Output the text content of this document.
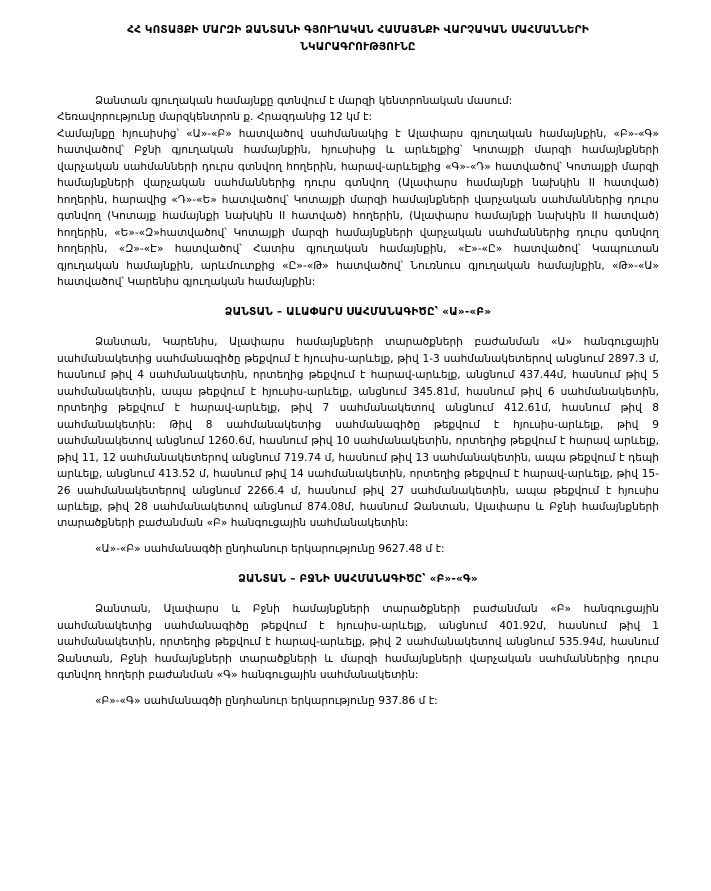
ՀՀ ԿՈՏԱՅՔԻ ՄԱՐԶԻ ՁԱՆՏԱՆԻ ԳՅՈՒՂԱԿԱՆ ՀԱՄԱՅՆՔԻ ՎԱՐՉԱԿԱՆ ՍԱՀՄԱՆՆԵՐԻ
ՆԿԱՐԱԳՐՈՒԹՅՈՒՆԸ

Ձանտան գյուղական համայնքը գտնվում է մարզի կենտրոնական մասում:

Հեռավորությունը մարզկենտրոն ք. Հրազդանից 12 կմ է:

Համայնքը հյուսիսից՝ «Ա»-«Բ» հատվածով սահմանակից է Ալափարս գյուղական համայնքին, «Բ»-«Գ» հատվածով՝ Բջնի գյուղական համայնքին, հյուսիսից և արևելքից՝ Կոտայքի մարզի համայնքների վարչական սահմանների դուրս գտնվող հողերին, հարավ-արևելքից «Գ»-«Դ» հատվածով՝ Կոտայքի մարզի համայնքների վարչական սահմաններից դուրս գտնվող (Ալափարս համայնքի նախկին II հատված) հողերին, հարավից «Դ»-«Ե» հատվածով՝ Կոտայքի մարզի համայնքների վարչական սահմաններից դուրս գտնվող (Կոտայք համայնքի նախկին II հատված) հողերին, (Ալափարս համայնքի նախկին II հատված) հողերին, «Ե»-«Զ»հատվածով՝ Կոտայքի մարզի համայնքների վարչական սահմաններից դուրս գտնվող հողերին, «Զ»-«Է» հատվածով՝ Հատիս գյուղական համայնքին, «Է»-«Ը» հատվածով՝ Կապուտան գյուղական համայնքին, արևմուտքից «Ը»-«Թ» հատվածով՝ Նուռնուս գյուղական համայնքին, «Թ»-«Ա» հատվածով՝ Կարենիս գյուղական համայնքին:

ՁԱՆՏԱՆ – ԱԼԱՓԱՐՍ ՍԱՀՄԱՆԱԳԻԾԸ՝ «Ա»-«Բ»

Ձանտան, Կարենիս, Ալափարս համայնքների տարածքների բաժանման «Ա» հանգուցային սահմանակետից սահմանագիծը թեքվում է հյուսիս-արևելք, թիվ 1-3 սահմանակետերով անցնում 2897.3 մ, հասնում թիվ 4 սահմանակետին, որտեղից թեքվում է հարավ-արևելք, անցնում 437.44մ, հասնում թիվ 5 սահմանակետին, ապա թեքվում է հյուսիս-արևելք, անցնում 345.81մ, հասնում թիվ 6 սահմանակետին, որտեղից թեքվում է հարավ-արևելք, թիվ 7 սահմանակետով անցնում 412.61մ, հասնում թիվ 8 սահմանակետին: Թիվ 8 սահմանակետից սահմանագիծը թեքվում է հյուսիս-արևելք, թիվ 9 սահմանակետով անցնում 1260.6մ, հասնում թիվ 10 սահմանակետին, որտեղից թեքվում է հարավ արևելք, թիվ 11, 12 սահմանակետերով անցնում 719.74 մ, հասնում թիվ 13 սահմանակետին, ապա թեքվում է դեպի արևելք, անցնում 413.52 մ, հասնում թիվ 14 սահմանակետին, որտեղից թեքվում է հարավ-արևելք, թիվ 15-26 սահմանակետերով անցնում 2266.4 մ, հասնում թիվ 27 սահմանակետին, ապա թեքվում է հյուսիս արևելք, թիվ 28 սահմանակետով անցնում 874.08մ, հասնում Ձանտան, Ալափարս և Բջնի համայնքների տարածքների բաժանման «Բ» հանգուցային սահմանակետին:

«Ա»-«Բ» սահմանագծի ընդհանուր երկարությունը 9627.48 մ է:

ՁԱՆՏԱՆ – ԲՋՆԻ ՍԱՀՄԱՆԱԳԻԾԸ՝ «Բ»-«Գ»

Ձանտան, Ալափարս և Բջնի համայնքների տարածքների բաժանման «Բ» հանգուցային սահմանակետից սահմանագիծը թեքվում է հյուսիս-արևելք, անցնում 401.92մ, հասնում թիվ 1 սահմանակետին, որտեղից թեքվում է հարավ-արևելք, թիվ 2 սահմանակետով անցնում 535.94մ, հասնում Ձանտան, Բջնի համայնքների տարածքների և մարզի համայնքների վարչական սահմաններից դուրս գտնվող հողերի բաժանման «Գ» հանգուցային սահմանակետին:

«Բ»-«Գ» սահմանագծի ընդհանուր երկարությունը 937.86 մ է:
